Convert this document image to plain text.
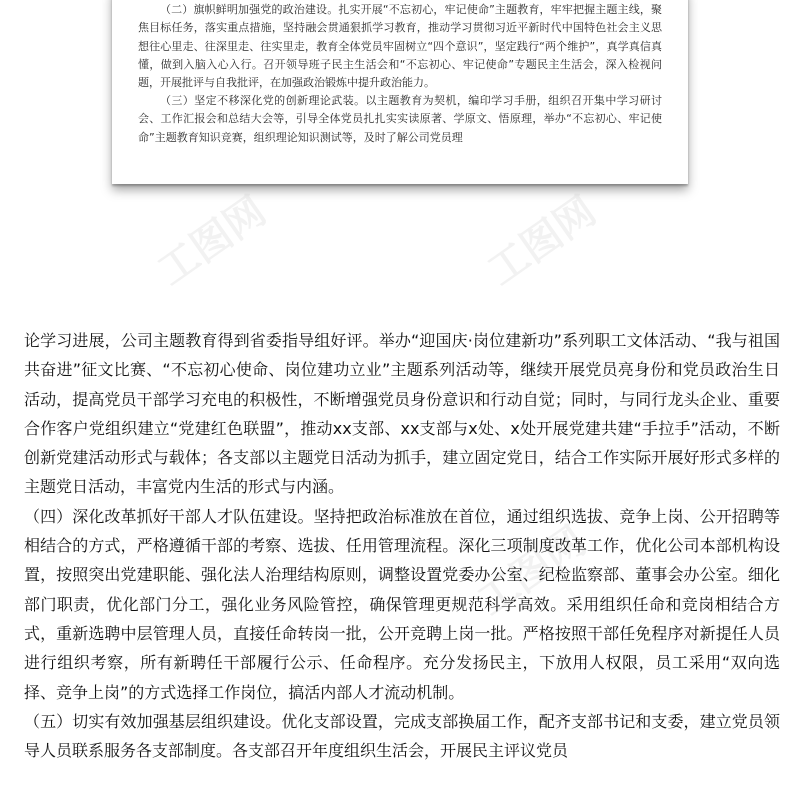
（二）旗帜鲜明加强党的政治建设。扎实开展“不忘初心，牢记使命”主题教育，牢牢把握主题主线，聚焦目标任务，落实重点措施，坚持融会贯通狠抓学习教育，推动学习贯彻习近平新时代中国特色社会主义思想往心里走、往深里走、往实里走，教育全体党员牢固树立“四个意识”，坚定践行“两个维护”，真学真信真懂，做到入脑入心入行。召开领导班子民主生活会和“不忘初心、牢记使命”专题民主生活会，深入检视问题，开展批评与自我批评，在加强政治锻炼中提升政治能力。

（三）坚定不移深化党的创新理论武装。以主题教育为契机，编印学习手册，组织召开集中学习研讨会、工作汇报会和总结大会等，引导全体党员扎扎实实读原著、学原文、悟原理，举办“不忘初心、牢记使命”主题教育知识竞赛，组织理论知识测试等，及时了解公司党员理

工图网	工图网
工图网

论学习进展，公司主题教育得到省委指导组好评。举办“迎国庆·岗位建新功”系列职工文体活动、“我与祖国共奋进”征文比赛、“不忘初心使命、岗位建功立业”主题系列活动等，继续开展党员亮身份和党员政治生日活动，提高党员干部学习充电的积极性，不断增强党员身份意识和行动自觉；同时，与同行龙头企业、重要合作客户党组织建立“党建红色联盟”，推动xx支部、xx支部与x处、x处开展党建共建“手拉手”活动，不断创新党建活动形式与载体；各支部以主题党日活动为抓手，建立固定党日，结合工作实际开展好形式多样的主题党日活动，丰富党内生活的形式与内涵。

（四）深化改革抓好干部人才队伍建设。坚持把政治标准放在首位，通过组织选拔、竞争上岗、公开招聘等相结合的方式，严格遵循干部的考察、选拔、任用管理流程。深化三项制度改革工作，优化公司本部机构设置，按照突出党建职能、强化法人治理结构原则，调整设置党委办公室、纪检监察部、董事会办公室。细化部门职责，优化部门分工，强化业务风险管控，确保管理更规范科学高效。采用组织任命和竞岗相结合方式，重新选聘中层管理人员，直接任命转岗一批，公开竞聘上岗一批。严格按照干部任免程序对新提任人员进行组织考察，所有新聘任干部履行公示、任命程序。充分发扬民主，下放用人权限，员工采用“双向选择、竞争上岗”的方式选择工作岗位，搞活内部人才流动机制。

（五）切实有效加强基层组织建设。优化支部设置，完成支部换届工作，配齐支部书记和支委，建立党员领导人员联系服务各支部制度。各支部召开年度组织生活会，开展民主评议党员
